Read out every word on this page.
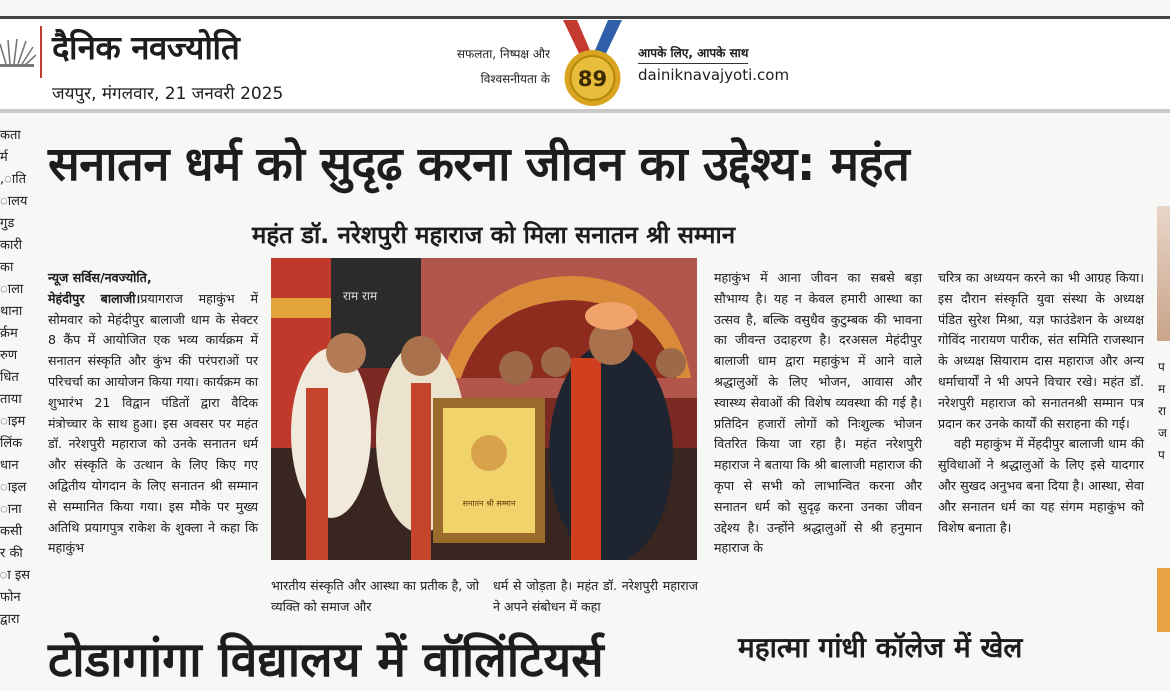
दैनिक नवज्योति
जयपुर, मंगलवार, 21 जनवरी 2025
सफलता, निष्पक्ष और
विश्वसनीयता के 89
आपके लिए, आपके साथ
dainiknavajyoti.com
कता
र्म
ाति,
ालय
गुड
कारी
का
ाला
थाना
र्क्रम
रुण
धित
ताया
ाइम
लिंक
धान
ाइल
ाना
कसी
र की
ा इस
फोन
द्वारा
सनातन धर्म को सुदृढ़ करना जीवन का उद्देश्य: महंत
महंत डॉ. नरेशपुरी महाराज को मिला सनातन श्री सम्मान
न्यूज सर्विस/नवज्योति,
मेहंदीपुर बालाजी।प्रयागराज महाकुंभ में सोमवार को मेहंदीपुर बालाजी धाम के सेक्टर 8 कैंप में आयोजित एक भव्य कार्यक्रम में सनातन संस्कृति और कुंभ की परंपराओं पर परिचर्चा का आयोजन किया गया। कार्यक्रम का शुभारंभ 21 विद्वान पंडितों द्वारा वैदिक मंत्रोच्चार के साथ हुआ। इस अवसर पर महंत डॉ. नरेशपुरी महाराज को उनके सनातन धर्म और संस्कृति के उत्थान के लिए किए गए अद्वितीय योगदान के लिए सनातन श्री सम्मान से सम्मानित किया गया। इस मौके पर मुख्य अतिथि प्रयागपुत्र राकेश के शुक्ला ने कहा कि महाकुंभ
राम राम
सनातन श्री सम्मान
भारतीय संस्कृति और आस्था का प्रतीक है, जो व्यक्ति को समाज और
धर्म से जोड़ता है। महंत डॉ. नरेशपुरी महाराज ने अपने संबोधन में कहा
महाकुंभ में आना जीवन का सबसे बड़ा सौभाग्य है। यह न केवल हमारी आस्था का उत्सव है, बल्कि वसुधैव कुटुम्बक की भावना का जीवन्त उदाहरण है। दरअसल मेहंदीपुर बालाजी धाम द्वारा महाकुंभ में आने वाले श्रद्धालुओं के लिए भोजन, आवास और स्वास्थ्य सेवाओं की विशेष व्यवस्था की गई है। प्रतिदिन हजारों लोगों को निःशुल्क भोजन वितरित किया जा रहा है। महंत नरेशपुरी महाराज ने बताया कि श्री बालाजी महाराज की कृपा से सभी को लाभान्वित करना और सनातन धर्म को सुदृढ़ करना उनका जीवन उद्देश्य है। उन्होंने श्रद्धालुओं से श्री हनुमान महाराज के
चरित्र का अध्ययन करने का भी आग्रह किया। इस दौरान संस्कृति युवा संस्था के अध्यक्ष पंडित सुरेश मिश्रा, यज्ञ फाउंडेशन के अध्यक्ष गोविंद नारायण पारीक, संत समिति राजस्थान के अध्यक्ष सियाराम दास महाराज और अन्य धर्माचार्यों ने भी अपने विचार रखे। महंत डॉ. नरेशपुरी महाराज को सनातनश्री सम्मान पत्र प्रदान कर उनके कार्यों की सराहना की गई।
वही महाकुंभ में मेंहदीपुर बालाजी धाम की सुविधाओं ने श्रद्धालुओं के लिए इसे यादगार और सुखद अनुभव बना दिया है। आस्था, सेवा और सनातन धर्म का यह संगम महाकुंभ को विशेष बनाता है।
टोडागांगा विद्यालय में वॉलिंटियर्स	महात्मा गांधी कॉलेज में खेल
प
म
रा
ज
प
